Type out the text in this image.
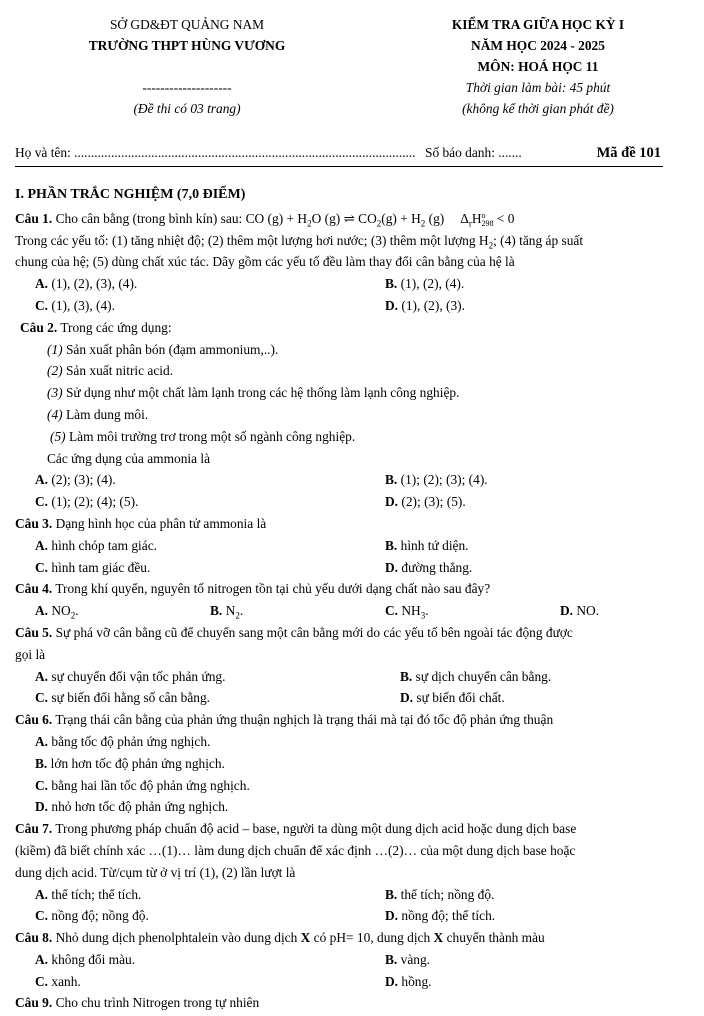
SỞ GD&ĐT QUẢNG NAM
TRƯỜNG THPT HÙNG VƯƠNG
--------------------
(Đề thi có 03 trang)
KIỂM TRA GIỮA HỌC KỲ I
NĂM HỌC 2024 - 2025
MÔN: HOÁ HỌC 11
Thời gian làm bài: 45 phút
(không kể thời gian phát đề)
Họ và tên: ...................................................................................................... Số báo danh: .......	Mã đề 101
I. PHẦN TRẮC NGHIỆM (7,0 ĐIỂM)
Câu 1. Cho cân bằng (trong bình kín) sau: CO $(g) + H_2O$ (g) ⇌ $CO_2(g) + H_2$ (g) $\Delta_rH$ o
298 < 0
Trong các yếu tố: (1) tăng nhiệt độ; (2) thêm một lượng hơi nước; (3) thêm một lượng $H_2$; (4) tăng áp suất
chung của hệ; (5) dùng chất xúc tác. Dãy gồm các yếu tố đều làm thay đổi cân bằng của hệ là
A. (1), (2), (3), (4).	B. (1), (2), (4).
C. (1), (3), (4).	D. (1), (2), (3).
Câu 2. Trong các ứng dụng:
(1) Sản xuất phân bón (đạm ammonium,..).
(2) Sản xuất nitric acid.
(3) Sử dụng như một chất làm lạnh trong các hệ thống làm lạnh công nghiệp.
(4) Làm dung môi.
(5) Làm môi trường trơ trong một số ngành công nghiệp.
Các ứng dụng của ammonia là
A. (2); (3); (4).	B. (1); (2); (3); (4).
C. (1); (2); (4); (5).	D. (2); (3); (5).
Câu 3. Dạng hình học của phân tử ammonia là
A. hình chóp tam giác.	B. hình tứ diện.
C. hình tam giác đều.	D. đường thẳng.
Câu 4. Trong khí quyển, nguyên tố nitrogen tồn tại chủ yếu dưới dạng chất nào sau đây?
A. $NO_2$.	B. $N_2$.	C. $NH_3$.	D. NO.
Câu 5. Sự phá vỡ cân bằng cũ để chuyển sang một cân bằng mới do các yếu tố bên ngoài tác động được
gọi là
A. sự chuyển đổi vận tốc phản ứng.	B. sự dịch chuyển cân bằng.
C. sự biến đổi hằng số cân bằng.	D. sự biến đổi chất.
Câu 6. Trạng thái cân bằng của phản ứng thuận nghịch là trạng thái mà tại đó tốc độ phản ứng thuận
A. bằng tốc độ phản ứng nghịch.
B. lớn hơn tốc độ phản ứng nghịch.
C. bằng hai lần tốc độ phản ứng nghịch.
D. nhỏ hơn tốc độ phản ứng nghịch.
Câu 7. Trong phương pháp chuẩn độ acid – base, người ta dùng một dung dịch acid hoặc dung dịch base
(kiềm) đã biết chính xác …(1)… làm dung dịch chuẩn để xác định …(2)… của một dung dịch base hoặc
dung dịch acid. Từ/cụm từ ở vị trí (1), (2) lần lượt là
A. thể tích; thể tích.	B. thể tích; nồng độ.
C. nồng độ; nồng độ.	D. nồng độ; thể tích.
Câu 8. Nhỏ dung dịch phenolphtalein vào dung dịch X có pH= 10, dung dịch X chuyển thành màu
A. không đổi màu.	B. vàng.
C. xanh.	D. hồng.
Câu 9. Cho chu trình Nitrogen trong tự nhiên
